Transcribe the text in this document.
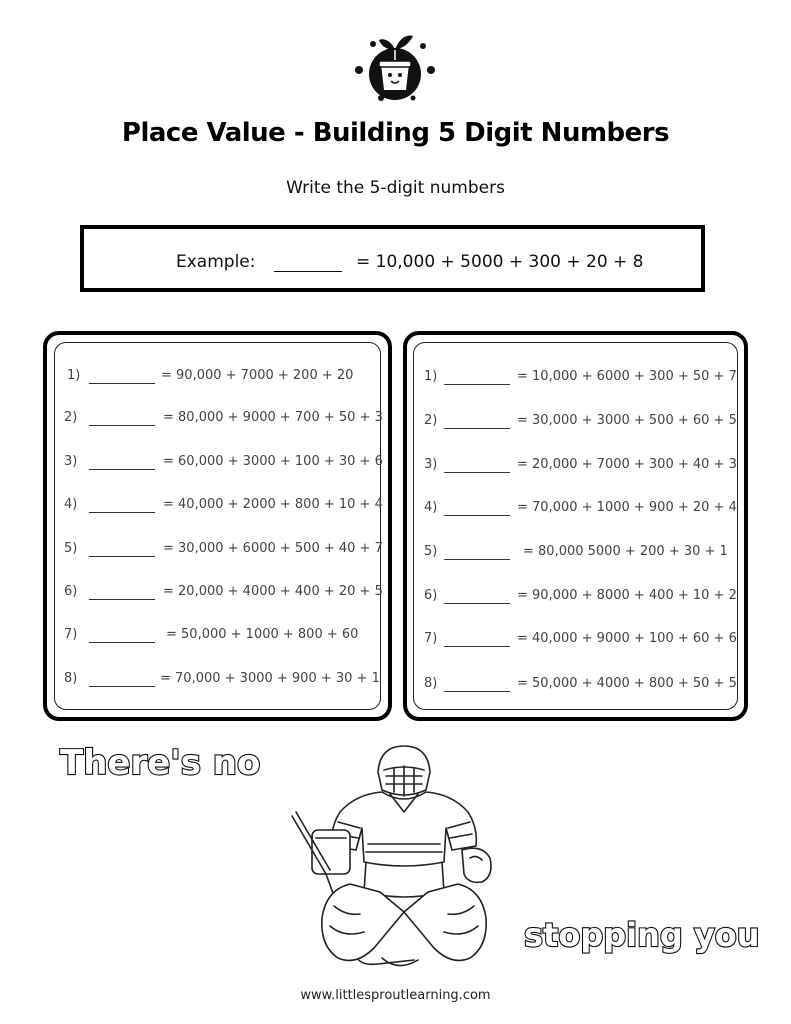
Place Value - Building 5 Digit Numbers
Write the 5-digit numbers
Example:	= 10,000 + 5000 + 300 + 20 + 8
1)	= 90,000 + 7000 + 200 + 20
2)	= 80,000 + 9000 + 700 + 50 + 3
3)	= 60,000 + 3000 + 100 + 30 + 6
4)	= 40,000 + 2000 + 800 + 10 + 4
5)	= 30,000 + 6000 + 500 + 40 + 7
6)	= 20,000 + 4000 + 400 + 20 + 5
7)	= 50,000 + 1000 + 800 + 60
8)	= 70,000 + 3000 + 900 + 30 + 1
1)	= 10,000 + 6000 + 300 + 50 + 7
2)	= 30,000 + 3000 + 500 + 60 + 5
3)	= 20,000 + 7000 + 300 + 40 + 3
4)	= 70,000 + 1000 + 900 + 20 + 4
5)	= 80,000 5000 + 200 + 30 + 1
6)	= 90,000 + 8000 + 400 + 10 + 2
7)	= 40,000 + 9000 + 100 + 60 + 6
8)	= 50,000 + 4000 + 800 + 50 + 5
There's no
stopping you
www.littlesproutlearning.com
